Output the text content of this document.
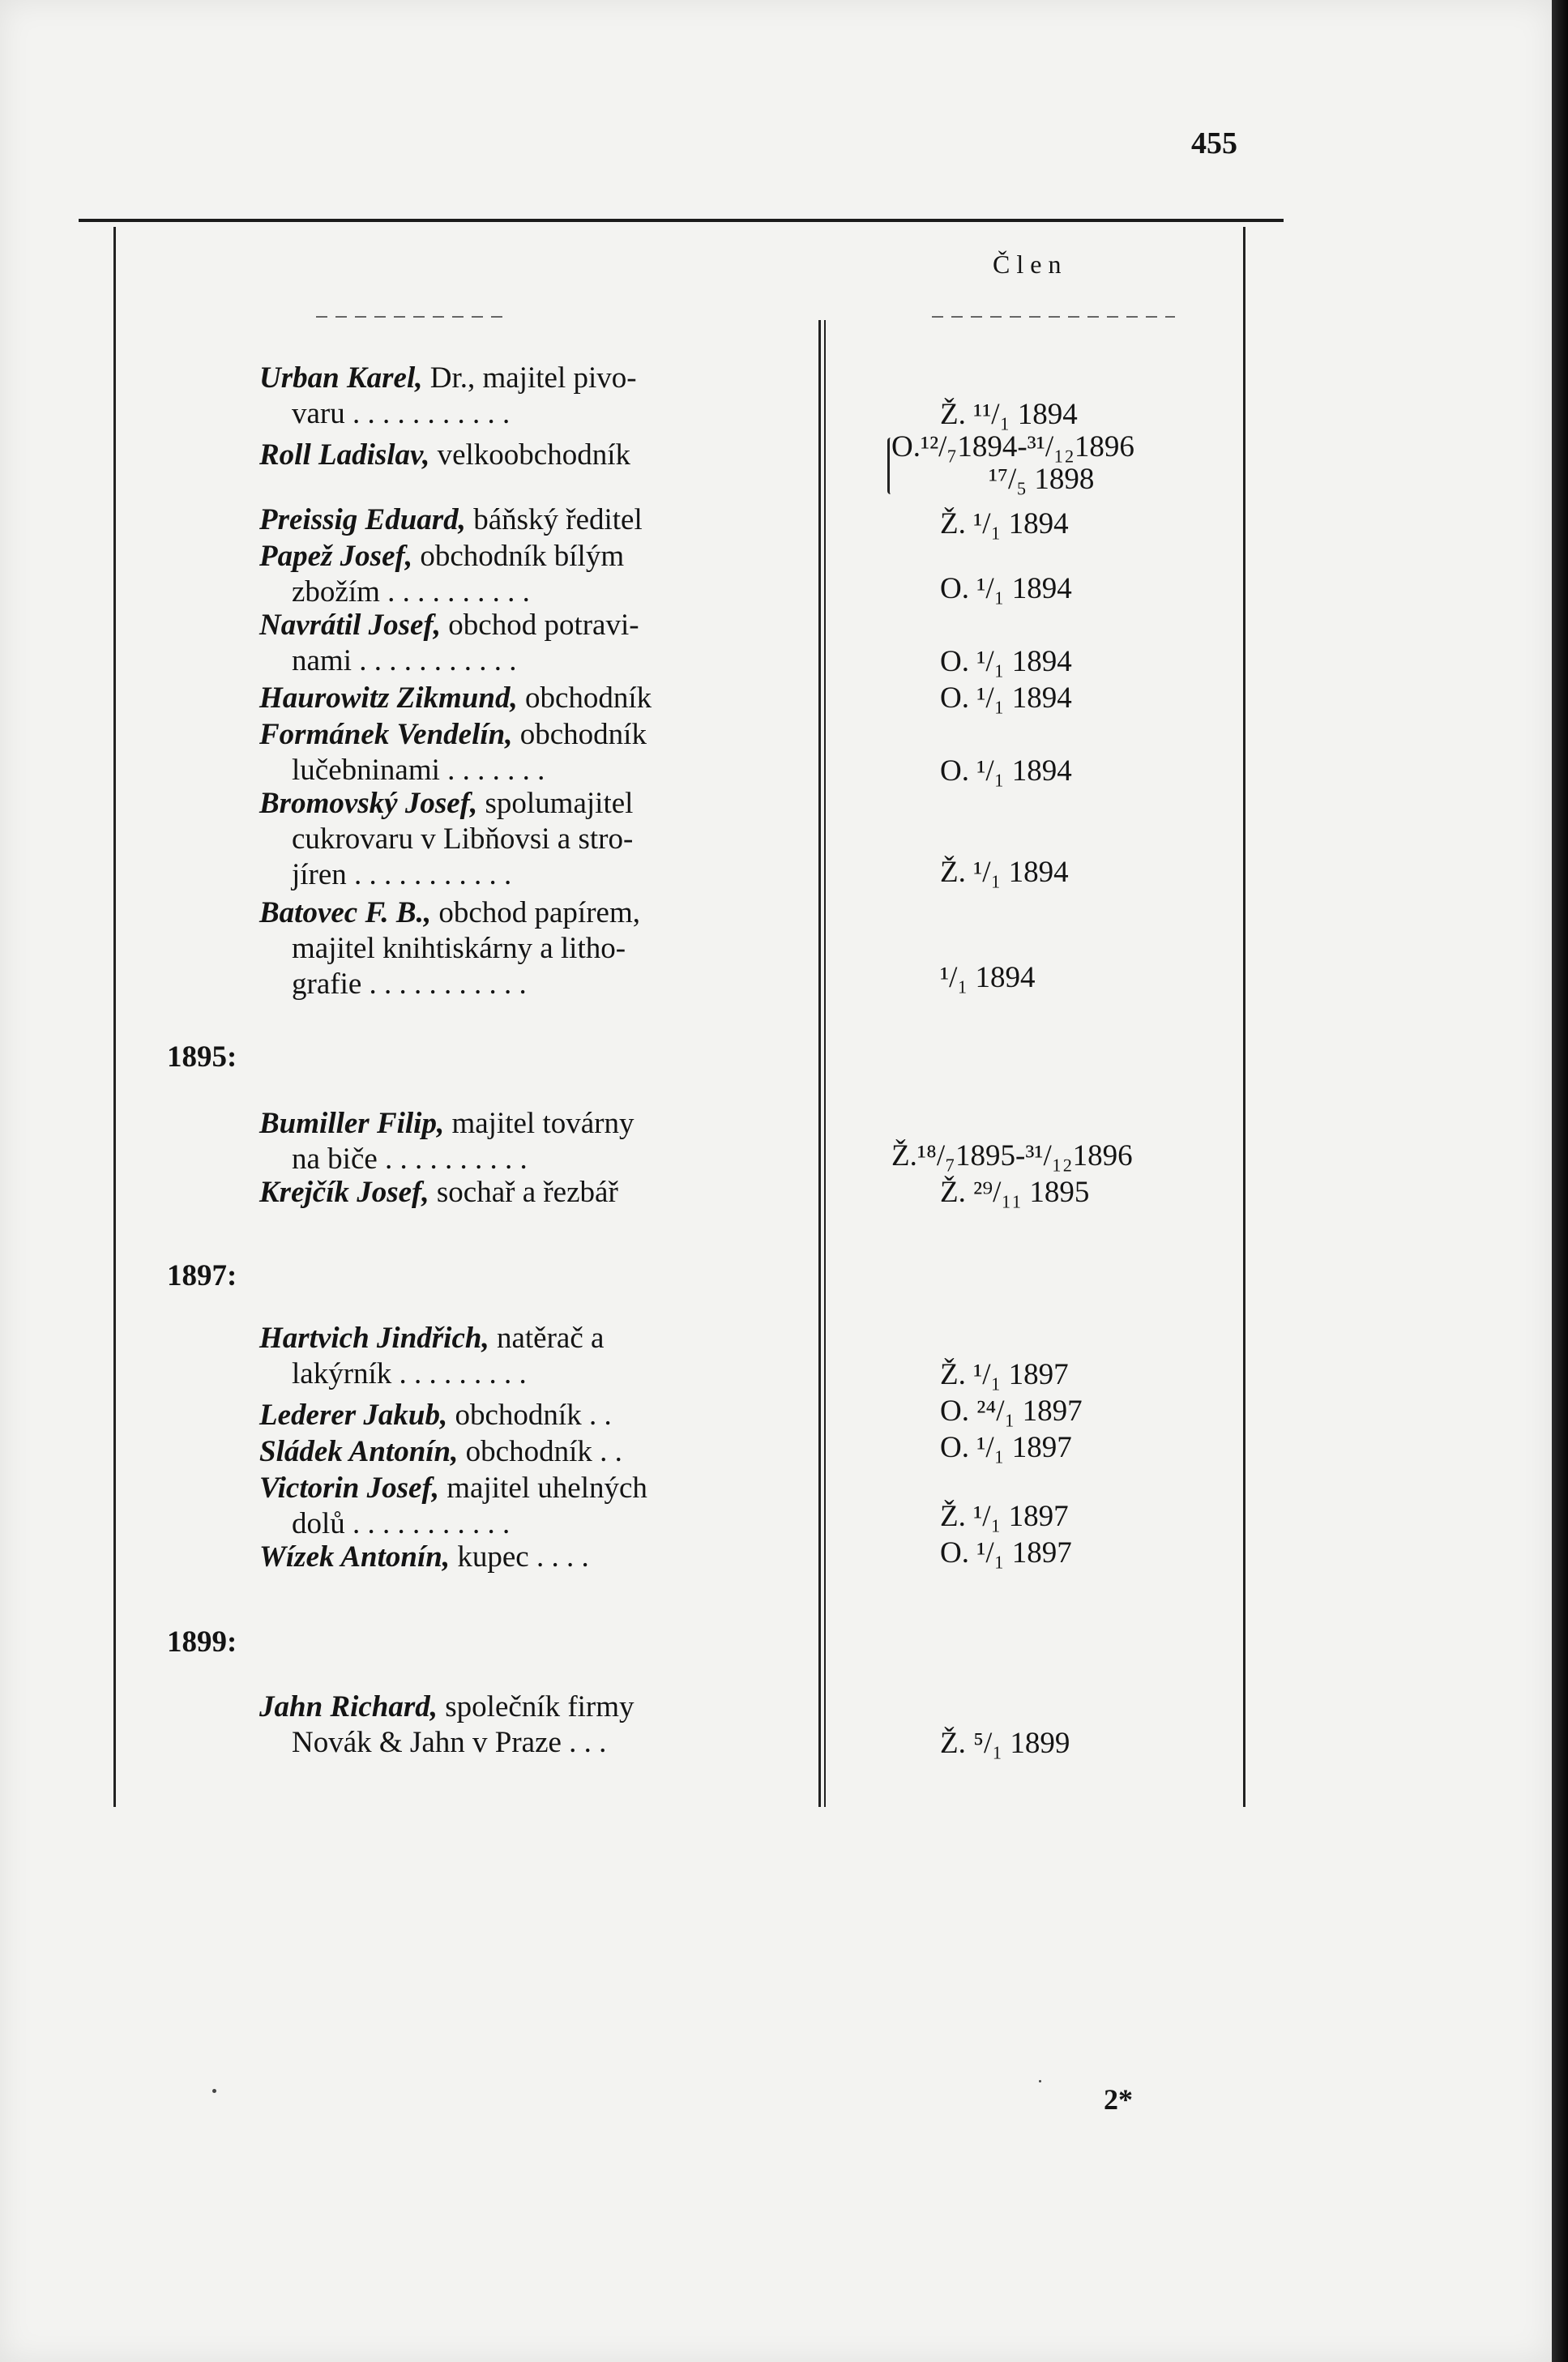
455
Člen
1895:
1897:
1899:
Urban Karel, Dr., majitel pivo-
varu . . . . . . . . . . .	Ž. ¹¹/₁ 1894
Roll Ladislav, velkoobchodník	O.¹²/₇1894-³¹/₁₂1896
¹⁷/₅ 1898
Preissig Eduard, báňský ředitel	Ž. ¹/₁ 1894
Papež Josef, obchodník bílým
zbožím . . . . . . . . . .	O. ¹/₁ 1894
Navrátil Josef, obchod potravi-
nami . . . . . . . . . . .	O. ¹/₁ 1894
Haurowitz Zikmund, obchodník	O. ¹/₁ 1894
Formánek Vendelín, obchodník
lučebninami . . . . . . .	O. ¹/₁ 1894
Bromovský Josef, spolumajitel
cukrovaru v Libňovsi a stro-
jíren . . . . . . . . . . .	Ž. ¹/₁ 1894
Batovec F. B., obchod papírem,
majitel knihtiskárny a litho-
grafie . . . . . . . . . . .	¹/₁ 1894
Bumiller Filip, majitel továrny
na biče . . . . . . . . . .	Ž.¹⁸/₇1895-³¹/₁₂1896
Krejčík Josef, sochař a řezbář	Ž. ²⁹/₁₁ 1895
Hartvich Jindřich, natěrač a
lakýrník . . . . . . . . .	Ž. ¹/₁ 1897
Lederer Jakub, obchodník . .	O. ²⁴/₁ 1897
Sládek Antonín, obchodník . .	O. ¹/₁ 1897
Victorin Josef, majitel uhelných
dolů . . . . . . . . . . .	Ž. ¹/₁ 1897
Wízek Antonín, kupec . . . .	O. ¹/₁ 1897
Jahn Richard, společník firmy
Novák & Jahn v Praze . . .	Ž. ⁵/₁ 1899
2*
